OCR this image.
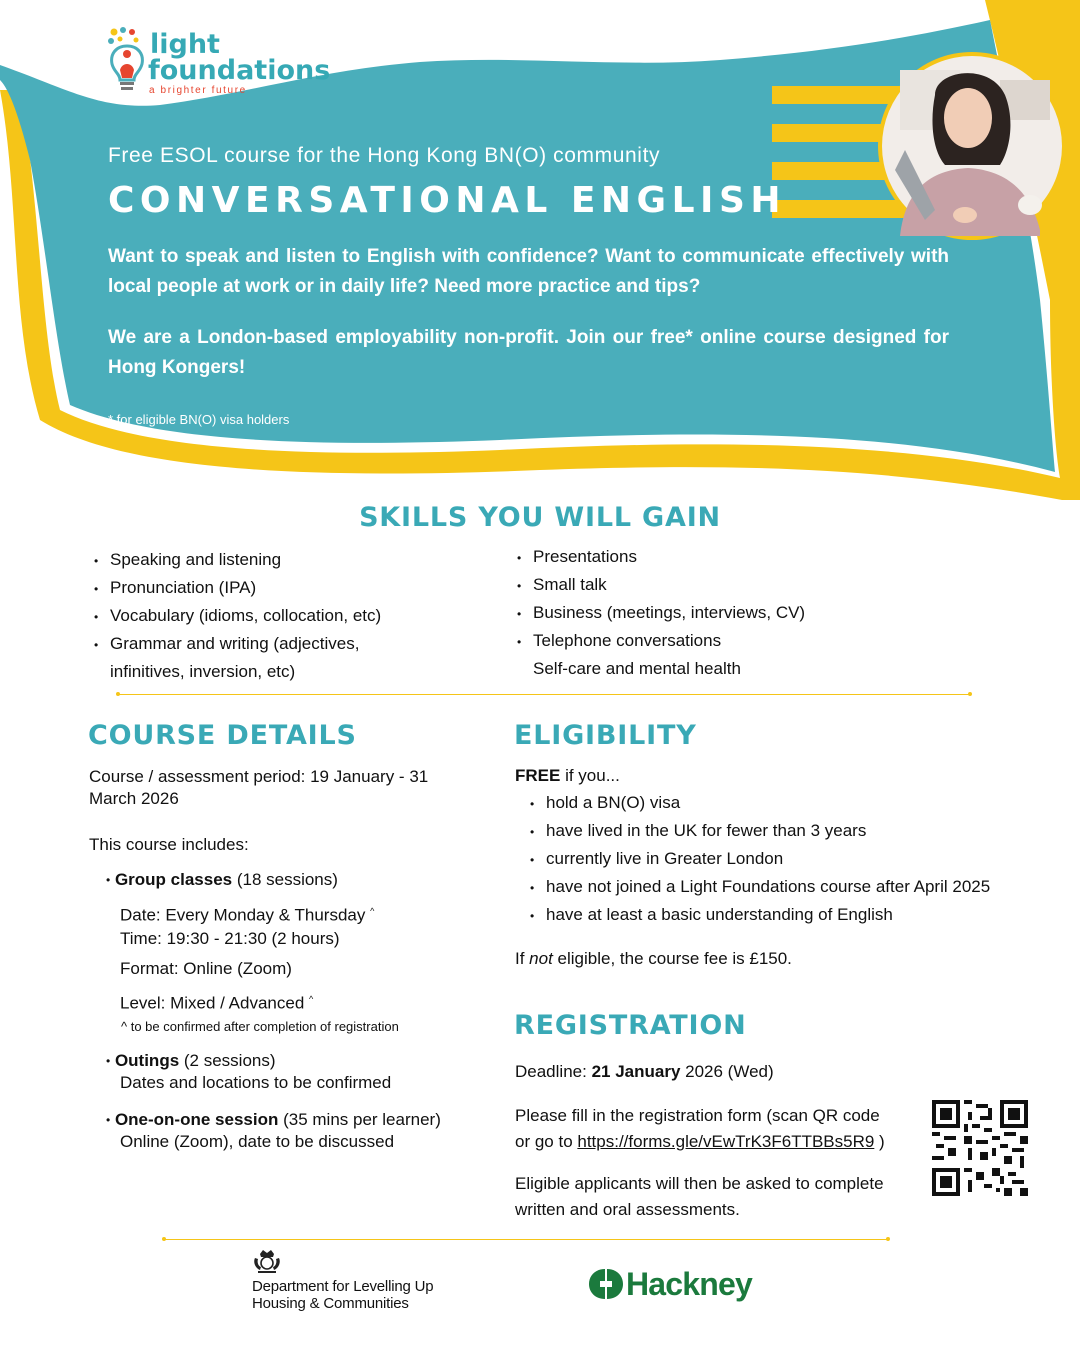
light
foundations
a brighter future
Free ESOL course for the Hong Kong BN(O) community
CONVERSATIONAL ENGLISH
Want to speak and listen to English with confidence? Want to communicate effectively with local people at work or in daily life? Need more practice and tips?
We are a London-based employability non-profit. Join our free* online course designed for Hong Kongers!
* for eligible BN(O) visa holders
SKILLS YOU WILL GAIN
• Speaking and listening
• Pronunciation (IPA)
• Vocabulary (idioms, collocation, etc)
• Grammar and writing (adjectives,
infinitives, inversion, etc)
• Presentations
• Small talk
• Business (meetings, interviews, CV)
• Telephone conversations
Self-care and mental health
COURSE DETAILS
Course / assessment period: 19 January - 31 March 2026
This course includes:
• Group classes (18 sessions)
Date: Every Monday & Thursday ^
Time: 19:30 - 21:30 (2 hours)
Format: Online (Zoom)
Level: Mixed / Advanced ^
^ to be confirmed after completion of registration
• Outings (2 sessions)
Dates and locations to be confirmed
• One-on-one session (35 mins per learner)
Online (Zoom), date to be discussed
ELIGIBILITY
FREE if you...
• hold a BN(O) visa
• have lived in the UK for fewer than 3 years
• currently live in Greater London
• have not joined a Light Foundations course after April 2025
• have at least a basic understanding of English
If not eligible, the course fee is £150.
REGISTRATION
Deadline: 21 January 2026 (Wed)
Please fill in the registration form (scan QR code
or go to https://forms.gle/vEwTrK3F6TTBBs5R9 )
Eligible applicants will then be asked to complete
written and oral assessments.
Department for Levelling Up
Housing & Communities
Hackney
